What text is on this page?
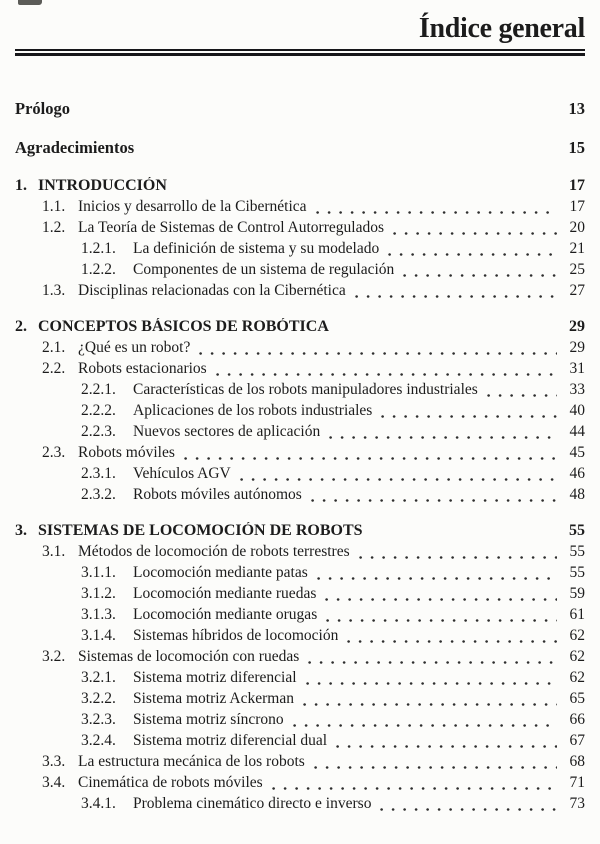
Índice general
Prólogo	13
Agradecimientos	15
1. INTRODUCCIÓN	17
1.1. Inicios y desarrollo de la Cibernética	17
1.2. La Teoría de Sistemas de Control Autorregulados	20
1.2.1.	La definición de sistema y su modelado	21
1.2.2.	Componentes de un sistema de regulación	25
1.3. Disciplinas relacionadas con la Cibernética	27
2. CONCEPTOS BÁSICOS DE ROBÓTICA	29
2.1. ¿Qué es un robot?	29
2.2. Robots estacionarios	31
2.2.1.	Características de los robots manipuladores industriales	33
2.2.2.	Aplicaciones de los robots industriales	40
2.2.3.	Nuevos sectores de aplicación	44
2.3. Robots móviles	45
2.3.1.	Vehículos AGV	46
2.3.2.	Robots móviles autónomos	48
3. SISTEMAS DE LOCOMOCIÓN DE ROBOTS	55
3.1. Métodos de locomoción de robots terrestres	55
3.1.1.	Locomoción mediante patas	55
3.1.2.	Locomoción mediante ruedas	59
3.1.3.	Locomoción mediante orugas	61
3.1.4.	Sistemas híbridos de locomoción	62
3.2. Sistemas de locomoción con ruedas	62
3.2.1.	Sistema motriz diferencial	62
3.2.2.	Sistema motriz Ackerman	65
3.2.3.	Sistema motriz síncrono	66
3.2.4.	Sistema motriz diferencial dual	67
3.3. La estructura mecánica de los robots	68
3.4. Cinemática de robots móviles	71
3.4.1.	Problema cinemático directo e inverso	73
